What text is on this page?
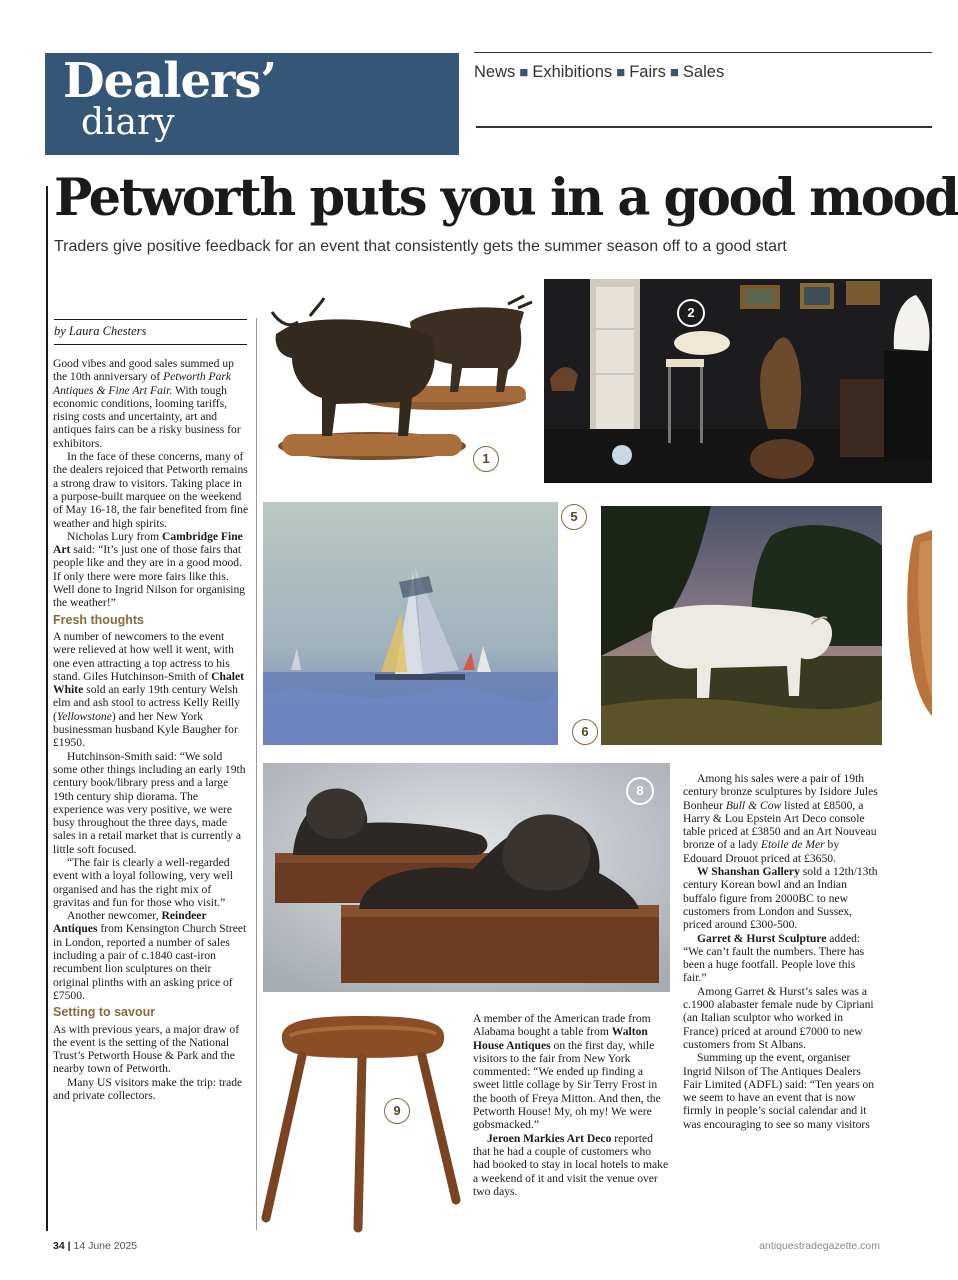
Dealers’
diary
News ■ Exhibitions ■ Fairs ■ Sales
Petworth puts you in a good mood
Traders give positive feedback for an event that consistently gets the summer season off to a good start
by Laura Chesters

Good vibes and good sales summed up the 10th anniversary of Petworth Park Antiques & Fine Art Fair. With tough economic conditions, looming tariffs, rising costs and uncertainty, art and antiques fairs can be a risky business for exhibitors.

In the face of these concerns, many of the dealers rejoiced that Petworth remains a strong draw to visitors. Taking place in a purpose-built marquee on the weekend of May 16-18, the fair benefited from fine weather and high spirits.

Nicholas Lury from Cambridge Fine Art said: “It’s just one of those fairs that people like and they are in a good mood. If only there were more fairs like this. Well done to Ingrid Nilson for organising the weather!”

Fresh thoughts

A number of newcomers to the event were relieved at how well it went, with one even attracting a top actress to his stand. Giles Hutchinson-Smith of Chalet White sold an early 19th century Welsh elm and ash stool to actress Kelly Reilly (Yellowstone) and her New York businessman husband Kyle Baugher for £1950.

Hutchinson-Smith said: “We sold some other things including an early 19th century book/library press and a large 19th century ship diorama. The experience was very positive, we were busy throughout the three days, made sales in a retail market that is currently a little soft focused.

“The fair is clearly a well-regarded event with a loyal following, very well organised and has the right mix of gravitas and fun for those who visit.”

Another newcomer, Reindeer Antiques from Kensington Church Street in London, reported a number of sales including a pair of c.1840 cast-iron recumbent lion sculptures on their original plinths with an asking price of £7500.

Setting to savour

As with previous years, a major draw of the event is the setting of the National Trust’s Petworth House & Park and the nearby town of Petworth.

Many US visitors make the trip: trade and private collectors.

1
2
5
6
8
9

A member of the American trade from Alabama bought a table from Walton House Antiques on the first day, while visitors to the fair from New York commented: “We ended up finding a sweet little collage by Sir Terry Frost in the booth of Freya Mitton. And then, the Petworth House! My, oh my! We were gobsmacked.”

Jeroen Markies Art Deco reported that he had a couple of customers who had booked to stay in local hotels to make a weekend of it and visit the venue over two days.

Among his sales were a pair of 19th century bronze sculptures by Isidore Jules Bonheur Bull & Cow listed at £8500, a Harry & Lou Epstein Art Deco console table priced at £3850 and an Art Nouveau bronze of a lady Etoile de Mer by Edouard Drouot priced at £3650.

W Shanshan Gallery sold a 12th/13th century Korean bowl and an Indian buffalo figure from 2000BC to new customers from London and Sussex, priced around £300-500.

Garret & Hurst Sculpture added: “We can’t fault the numbers. There has been a huge footfall. People love this fair.”

Among Garret & Hurst’s sales was a c.1900 alabaster female nude by Cipriani (an Italian sculptor who worked in France) priced at around £7000 to new customers from St Albans.

Summing up the event, organiser Ingrid Nilson of The Antiques Dealers Fair Limited (ADFL) said: “Ten years on we seem to have an event that is now firmly in people’s social calendar and it was encouraging to see so many visitors

34 | 14 June 2025	antiquestradegazette.com
